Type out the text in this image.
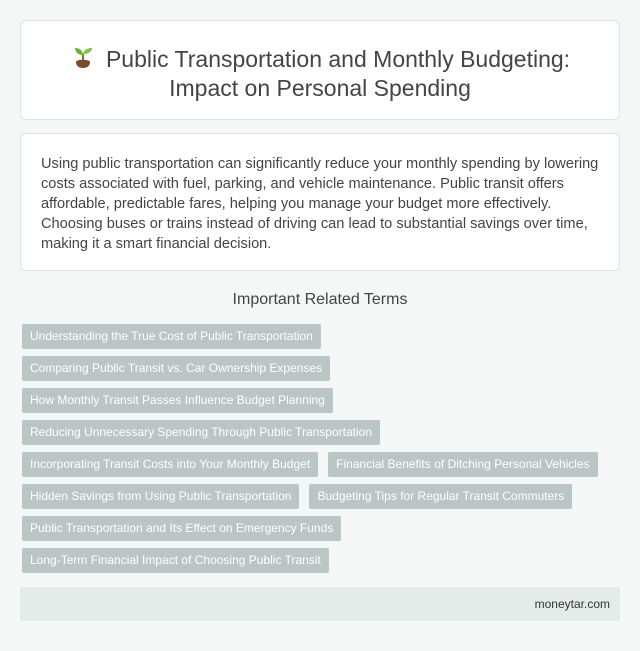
Public Transportation and Monthly Budgeting:
Impact on Personal Spending

Using public transportation can significantly reduce your monthly spending by lowering costs associated with fuel, parking, and vehicle maintenance. Public transit offers affordable, predictable fares, helping you manage your budget more effectively. Choosing buses or trains instead of driving can lead to substantial savings over time, making it a smart financial decision.

Important Related Terms
Understanding the True Cost of Public Transportation
Comparing Public Transit vs. Car Ownership Expenses
How Monthly Transit Passes Influence Budget Planning
Reducing Unnecessary Spending Through Public Transportation
Incorporating Transit Costs into Your Monthly Budget Financial Benefits of Ditching Personal Vehicles
Hidden Savings from Using Public Transportation Budgeting Tips for Regular Transit Commuters
Public Transportation and Its Effect on Emergency Funds
Long-Term Financial Impact of Choosing Public Transit
moneytar.com
